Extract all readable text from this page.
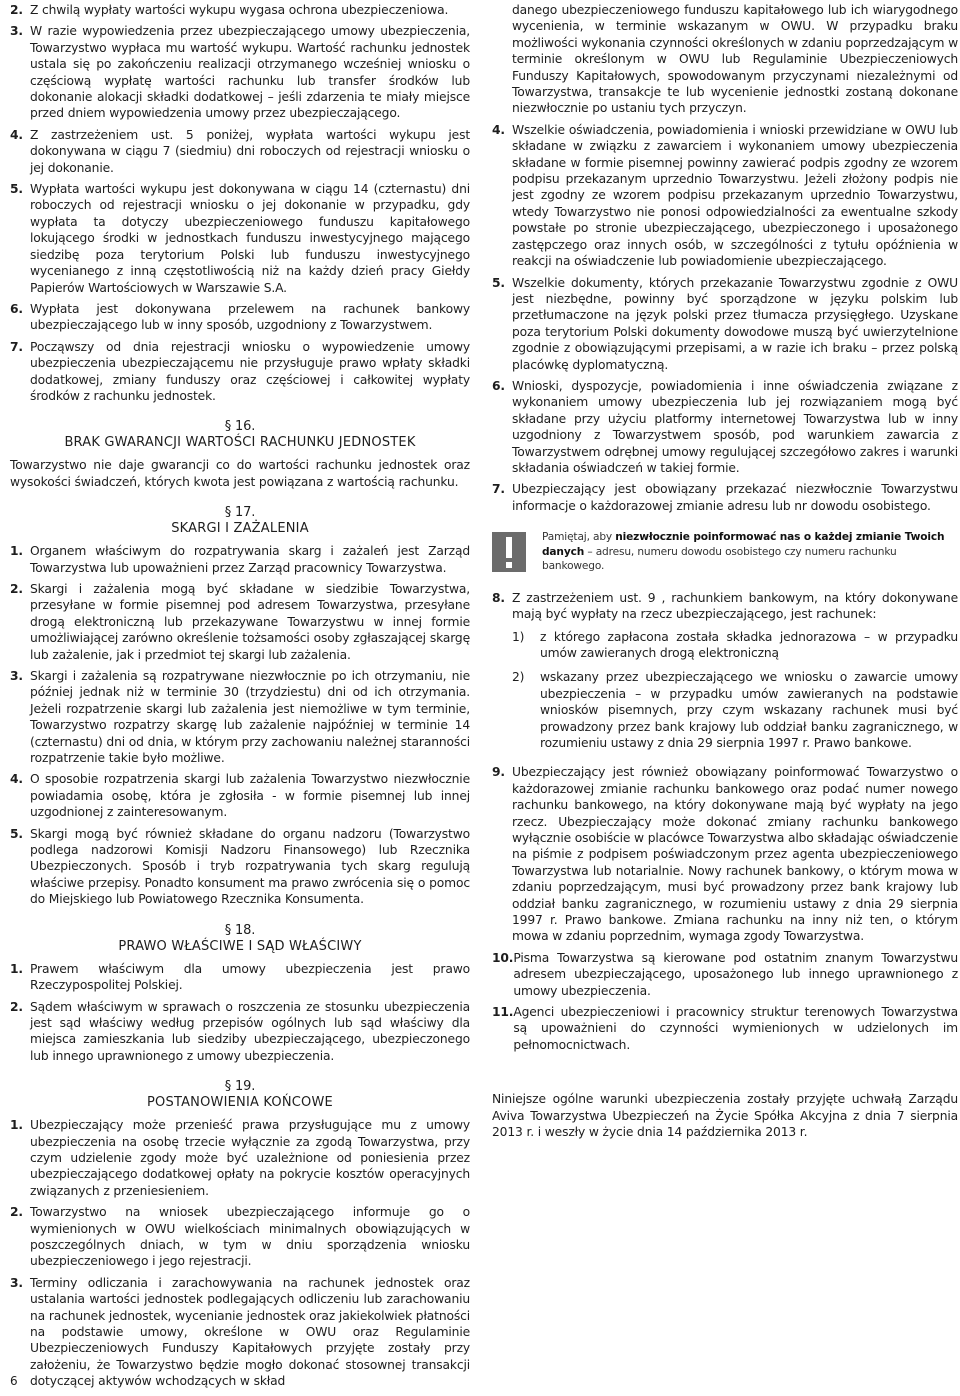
2. Z chwilą wypłaty wartości wykupu wygasa ochrona ubezpieczeniowa.
3. W razie wypowiedzenia przez ubezpieczającego umowy ubezpieczenia, Towarzystwo wypłaca mu wartość wykupu. Wartość rachunku jednostek ustala się po zakończeniu realizacji otrzymanego wcześniej wniosku o częściową wypłatę wartości rachunku lub transfer środków lub dokonanie alokacji składki dodatkowej – jeśli zdarzenia te miały miejsce przed dniem wypowiedzenia umowy przez ubezpieczającego.
4. Z zastrzeżeniem ust. 5 poniżej, wypłata wartości wykupu jest dokonywana w ciągu 7 (siedmiu) dni roboczych od rejestracji wniosku o jej dokonanie.
5. Wypłata wartości wykupu jest dokonywana w ciągu 14 (czternastu) dni roboczych od rejestracji wniosku o jej dokonanie w przypadku, gdy wypłata ta dotyczy ubezpieczeniowego funduszu kapitałowego lokującego środki w jednostkach funduszu inwestycyjnego mającego siedzibę poza terytorium Polski lub funduszu inwestycyjnego wycenianego z inną częstotliwością niż na każdy dzień pracy Giełdy Papierów Wartościowych w Warszawie S.A.
6. Wypłata jest dokonywana przelewem na rachunek bankowy ubezpieczającego lub w inny sposób, uzgodniony z Towarzystwem.
7. Począwszy od dnia rejestracji wniosku o wypowiedzenie umowy ubezpieczenia ubezpieczającemu nie przysługuje prawo wpłaty składki dodatkowej, zmiany funduszy oraz częściowej i całkowitej wypłaty środków z rachunku jednostek.
§ 16.
BRAK GWARANCJI WARTOŚCI RACHUNKU JEDNOSTEK
Towarzystwo nie daje gwarancji co do wartości rachunku jednostek oraz wysokości świadczeń, których kwota jest powiązana z wartością rachunku.
§ 17.
SKARGI I ZAŻALENIA
1. Organem właściwym do rozpatrywania skarg i zażaleń jest Zarząd Towarzystwa lub upoważnieni przez Zarząd pracownicy Towarzystwa.
2. Skargi i zażalenia mogą być składane w siedzibie Towarzystwa, przesyłane w formie pisemnej pod adresem Towarzystwa, przesyłane drogą elektroniczną lub przekazywane Towarzystwu w innej formie umożliwiającej zarówno określenie tożsamości osoby zgłaszającej skargę lub zażalenie, jak i przedmiot tej skargi lub zażalenia.
3. Skargi i zażalenia są rozpatrywane niezwłocznie po ich otrzymaniu, nie później jednak niż w terminie 30 (trzydziestu) dni od ich otrzymania. Jeżeli rozpatrzenie skargi lub zażalenia jest niemożliwe w tym terminie, Towarzystwo rozpatrzy skargę lub zażalenie najpóźniej w terminie 14 (czternastu) dni od dnia, w którym przy zachowaniu należnej staranności rozpatrzenie takie było możliwe.
4. O sposobie rozpatrzenia skargi lub zażalenia Towarzystwo niezwłocznie powiadamia osobę, która je zgłosiła - w formie pisemnej lub innej uzgodnionej z zainteresowanym.
5. Skargi mogą być również składane do organu nadzoru (Towarzystwo podlega nadzorowi Komisji Nadzoru Finansowego) lub Rzecznika Ubezpieczonych. Sposób i tryb rozpatrywania tych skarg regulują właściwe przepisy. Ponadto konsument ma prawo zwrócenia się o pomoc do Miejskiego lub Powiatowego Rzecznika Konsumenta.
§ 18.
PRAWO WŁAŚCIWE I SĄD WŁAŚCIWY
1. Prawem właściwym dla umowy ubezpieczenia jest prawo Rzeczypospolitej Polskiej.
2. Sądem właściwym w sprawach o roszczenia ze stosunku ubezpieczenia jest sąd właściwy według przepisów ogólnych lub sąd właściwy dla miejsca zamieszkania lub siedziby ubezpieczającego, ubezpieczonego lub innego uprawnionego z umowy ubezpieczenia.
§ 19.
POSTANOWIENIA KOŃCOWE
1. Ubezpieczający może przenieść prawa przysługujące mu z umowy ubezpieczenia na osobę trzecie wyłącznie za zgodą Towarzystwa, przy czym udzielenie zgody może być uzależnione od poniesienia przez ubezpieczającego dodatkowej opłaty na pokrycie kosztów operacyjnych związanych z przeniesieniem.
2. Towarzystwo na wniosek ubezpieczającego informuje go o wymienionych w OWU wielkościach minimalnych obowiązujących w poszczególnych dniach, w tym w dniu sporządzenia wniosku ubezpieczeniowego i jego rejestracji.
3. Terminy odliczania i zarachowywania na rachunek jednostek oraz ustalania wartości jednostek podlegających odliczeniu lub zarachowaniu na rachunek jednostek, wycenianie jednostek oraz jakiekolwiek płatności na podstawie umowy, określone w OWU oraz Regulaminie Ubezpieczeniowych Funduszy Kapitałowych przyjęte zostały przy założeniu, że Towarzystwo będzie mogło dokonać stosownej transakcji dotyczącej aktywów wchodzących w skład
danego ubezpieczeniowego funduszu kapitałowego lub ich wiarygodnego wycenienia, w terminie wskazanym w OWU. W przypadku braku możliwości wykonania czynności określonych w zdaniu poprzedzającym w terminie określonym w OWU lub Regulaminie Ubezpieczeniowych Funduszy Kapitałowych, spowodowanym przyczynami niezależnymi od Towarzystwa, transakcje te lub wycenienie jednostki zostaną dokonane niezwłocznie po ustaniu tych przyczyn.
4. Wszelkie oświadczenia, powiadomienia i wnioski przewidziane w OWU lub składane w związku z zawarciem i wykonaniem umowy ubezpieczenia składane w formie pisemnej powinny zawierać podpis zgodny ze wzorem podpisu przekazanym uprzednio Towarzystwu. Jeżeli złożony podpis nie jest zgodny ze wzorem podpisu przekazanym uprzednio Towarzystwu, wtedy Towarzystwo nie ponosi odpowiedzialności za ewentualne szkody powstałe po stronie ubezpieczającego, ubezpieczonego i uposażonego zastępczego oraz innych osób, w szczególności z tytułu opóźnienia w reakcji na oświadczenie lub powiadomienie ubezpieczającego.
5. Wszelkie dokumenty, których przekazanie Towarzystwu zgodnie z OWU jest niezbędne, powinny być sporządzone w języku polskim lub przetłumaczone na język polski przez tłumacza przysięgłego. Uzyskane poza terytorium Polski dokumenty dowodowe muszą być uwierzytelnione zgodnie z obowiązującymi przepisami, a w razie ich braku – przez polską placówkę dyplomatyczną.
6. Wnioski, dyspozycje, powiadomienia i inne oświadczenia związane z wykonaniem umowy ubezpieczenia lub jej rozwiązaniem mogą być składane przy użyciu platformy internetowej Towarzystwa lub w inny uzgodniony z Towarzystwem sposób, pod warunkiem zawarcia z Towarzystwem odrębnej umowy regulującej szczegółowo zakres i warunki składania oświadczeń w takiej formie.
7. Ubezpieczający jest obowiązany przekazać niezwłocznie Towarzystwu informacje o każdorazowej zmianie adresu lub nr dowodu osobistego.
Pamiętaj, aby niezwłocznie poinformować nas o każdej zmianie Twoich danych – adresu, numeru dowodu osobistego czy numeru rachunku bankowego.
8. Z zastrzeżeniem ust. 9 , rachunkiem bankowym, na który dokonywane mają być wypłaty na rzecz ubezpieczającego, jest rachunek:
1)	z którego zapłacona została składka jednorazowa – w przypadku umów zawieranych drogą elektroniczną
2)	wskazany przez ubezpieczającego we wniosku o zawarcie umowy ubezpieczenia – w przypadku umów zawieranych na podstawie wniosków pisemnych, przy czym wskazany rachunek musi być prowadzony przez bank krajowy lub oddział banku zagranicznego, w rozumieniu ustawy z dnia 29 sierpnia 1997 r. Prawo bankowe.
9. Ubezpieczający jest również obowiązany poinformować Towarzystwo o każdorazowej zmianie rachunku bankowego oraz podać numer nowego rachunku bankowego, na który dokonywane mają być wypłaty na jego rzecz. Ubezpieczający może dokonać zmiany rachunku bankowego wyłącznie osobiście w placówce Towarzystwa albo składając oświadczenie na piśmie z podpisem poświadczonym przez agenta ubezpieczeniowego Towarzystwa lub notarialnie. Nowy rachunek bankowy, o którym mowa w zdaniu poprzedzającym, musi być prowadzony przez bank krajowy lub oddział banku zagranicznego, w rozumieniu ustawy z dnia 29 sierpnia 1997 r. Prawo bankowe. Zmiana rachunku na inny niż ten, o którym mowa w zdaniu poprzednim, wymaga zgody Towarzystwa.
10. Pisma Towarzystwa są kierowane pod ostatnim znanym Towarzystwu adresem ubezpieczającego, uposażonego lub innego uprawnionego z umowy ubezpieczenia.
11. Agenci ubezpieczeniowi i pracownicy struktur terenowych Towarzystwa są upoważnieni do czynności wymienionych w udzielonych im pełnomocnictwach.
Niniejsze ogólne warunki ubezpieczenia zostały przyjęte uchwałą Zarządu Aviva Towarzystwa Ubezpieczeń na Życie Spółka Akcyjna z dnia 7 sierpnia 2013 r. i weszły w życie dnia 14 października 2013 r.
6
